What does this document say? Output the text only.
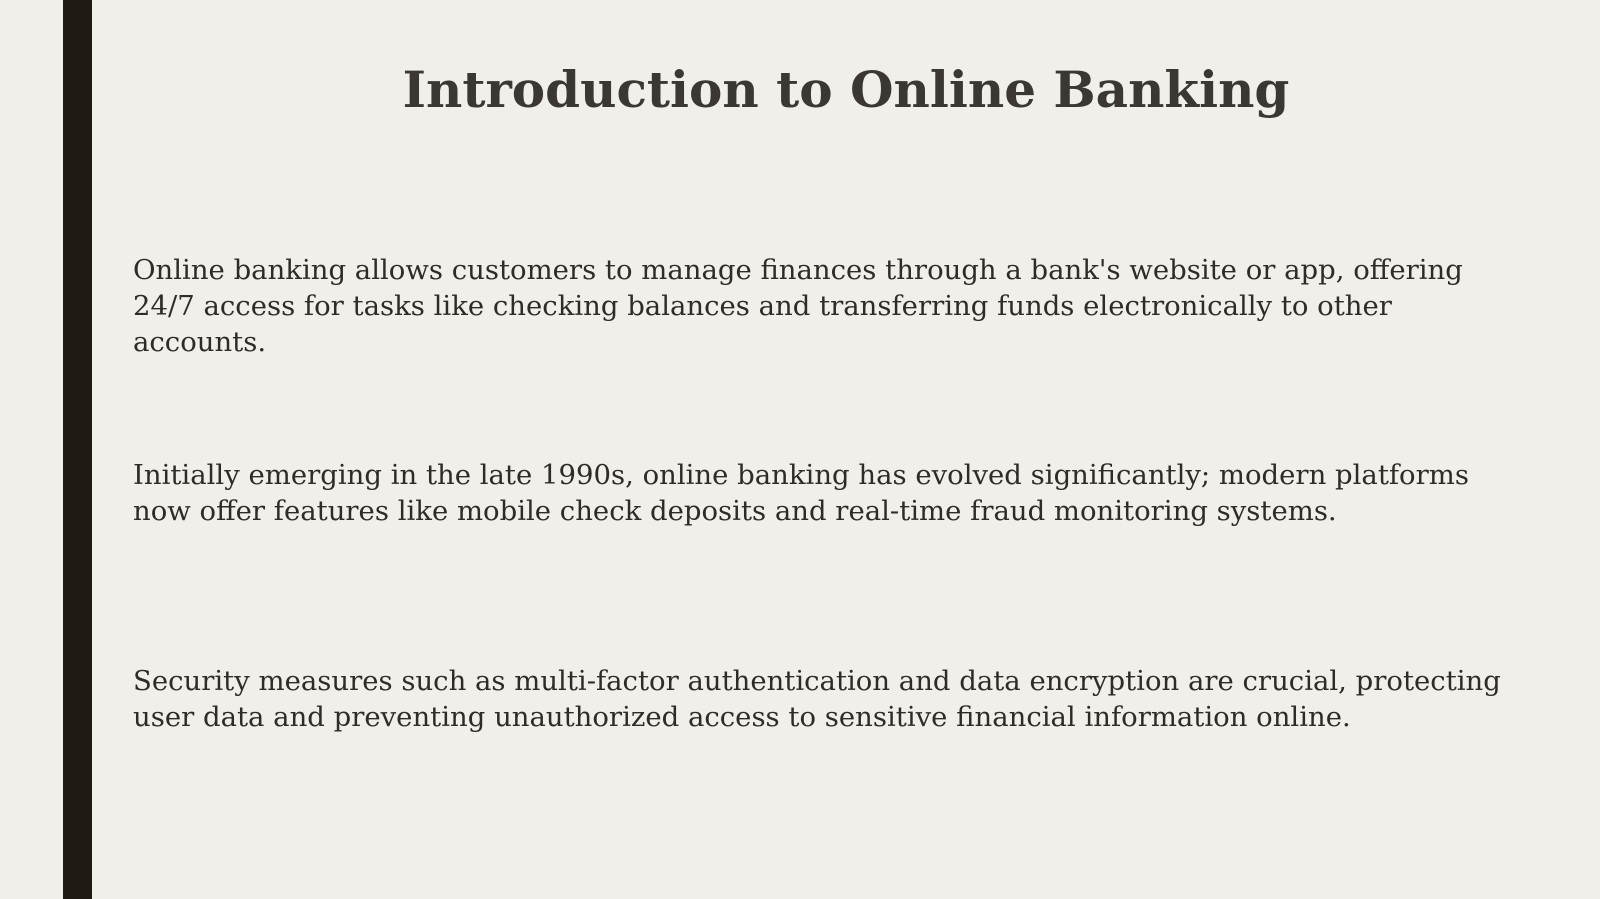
Introduction to Online Banking

Online banking allows customers to manage finances through a bank's website or app, offering 24/7 access for tasks like checking balances and transferring funds electronically to other accounts.

Initially emerging in the late 1990s, online banking has evolved significantly; modern platforms now offer features like mobile check deposits and real-time fraud monitoring systems.

Security measures such as multi-factor authentication and data encryption are crucial, protecting user data and preventing unauthorized access to sensitive financial information online.
